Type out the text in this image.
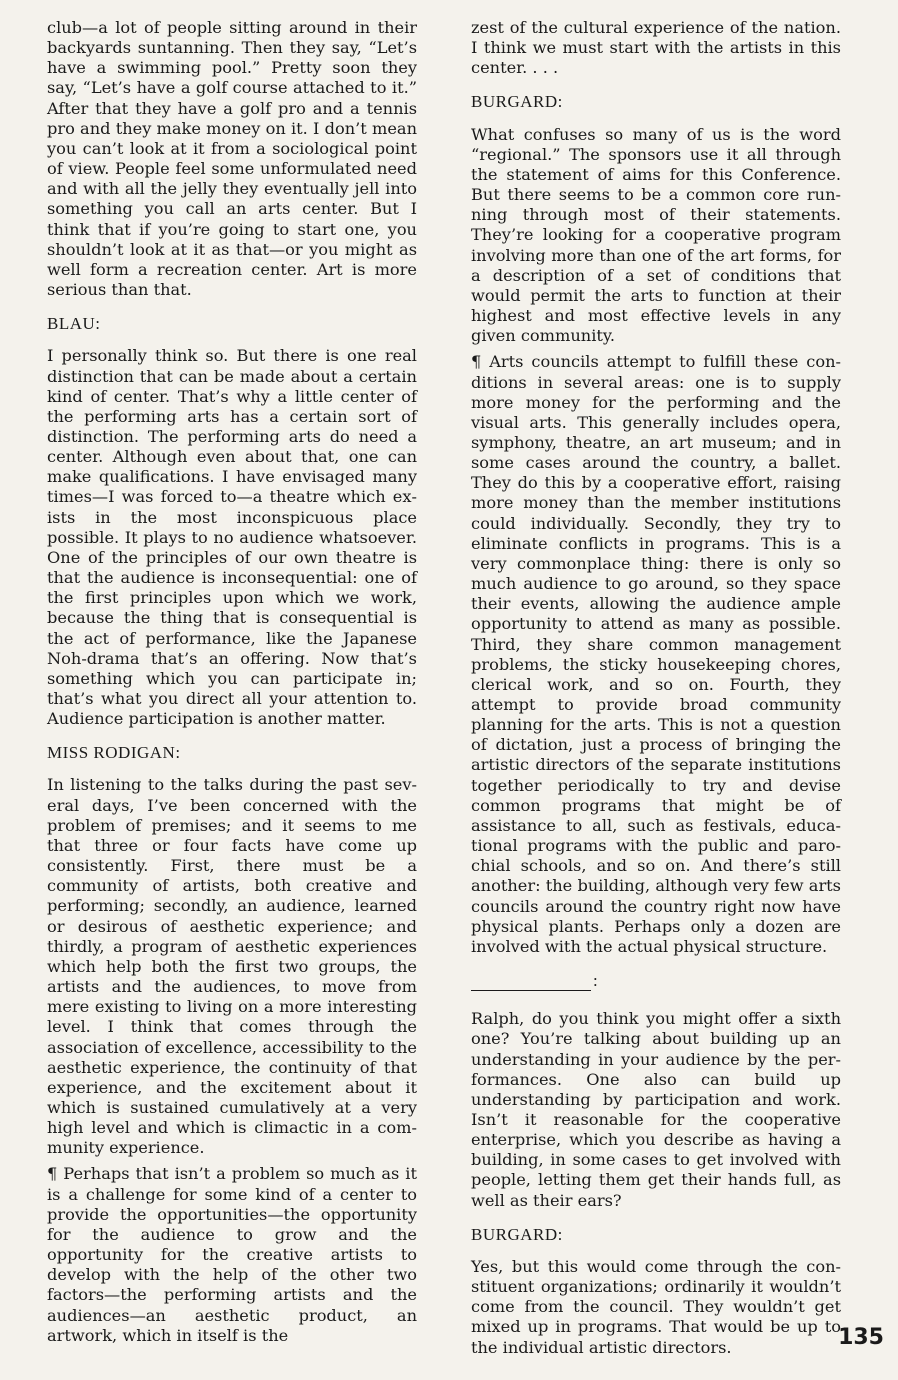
club—a lot of people sitting around in their backyards suntanning. Then they say, “Let’s have a swimming pool.” Pretty soon they say, “Let’s have a golf course attached to it.” After that they have a golf pro and a tennis pro and they make money on it. I don’t mean you can’t look at it from a sociological point of view. People feel some unformulated need and with all the jelly they eventually jell into something you call an arts center. But I think that if you’re going to start one, you shouldn’t look at it as that—or you might as well form a recreation center. Art is more serious than that.

BLAU:

I personally think so. But there is one real distinction that can be made about a certain kind of center. That’s why a little center of the performing arts has a certain sort of distinction. The performing arts do need a center. Although even about that, one can make qualifications. I have envisaged many times—I was forced to—a theatre which exists in the most inconspicuous place possible. It plays to no audience whatsoever. One of the principles of our own theatre is that the audience is inconsequential: one of the first principles upon which we work, because the thing that is consequential is the act of performance, like the Japanese Noh-drama that’s an offering. Now that’s something which you can participate in; that’s what you direct all your attention to. Audience participation is another matter.

MISS RODIGAN:

In listening to the talks during the past several days, I’ve been concerned with the problem of premises; and it seems to me that three or four facts have come up consistently. First, there must be a community of artists, both creative and performing; secondly, an audience, learned or desirous of aesthetic experience; and thirdly, a program of aesthetic experiences which help both the first two groups, the artists and the audiences, to move from mere existing to living on a more interesting level. I think that comes through the association of excellence, accessibility to the aesthetic experience, the continuity of that experience, and the excitement about it which is sustained cumulatively at a very high level and which is climactic in a community experience.

¶ Perhaps that isn’t a problem so much as it is a challenge for some kind of a center to provide the opportunities—the opportunity for the audience to grow and the opportunity for the creative artists to develop with the help of the other two factors—the performing artists and the audiences—an aesthetic product, an artwork, which in itself is the

zest of the cultural experience of the nation. I think we must start with the artists in this center. . . .

BURGARD:

What confuses so many of us is the word “regional.” The sponsors use it all through the statement of aims for this Conference. But there seems to be a common core running through most of their statements. They’re looking for a cooperative program involving more than one of the art forms, for a description of a set of conditions that would permit the arts to function at their highest and most effective levels in any given community.

¶ Arts councils attempt to fulfill these conditions in several areas: one is to supply more money for the performing and the visual arts. This generally includes opera, symphony, theatre, an art museum; and in some cases around the country, a ballet. They do this by a cooperative effort, raising more money than the member institutions could individually. Secondly, they try to eliminate conflicts in programs. This is a very commonplace thing: there is only so much audience to go around, so they space their events, allowing the audience ample opportunity to attend as many as possible. Third, they share common management problems, the sticky housekeeping chores, clerical work, and so on. Fourth, they attempt to provide broad community planning for the arts. This is not a question of dictation, just a process of bringing the artistic directors of the separate institutions together periodically to try and devise common programs that might be of assistance to all, such as festivals, educational programs with the public and parochial schools, and so on. And there’s still another: the building, although very few arts councils around the country right now have physical plants. Perhaps only a dozen are involved with the actual physical structure.

:

Ralph, do you think you might offer a sixth one? You’re talking about building up an understanding in your audience by the performances. One also can build up understanding by participation and work. Isn’t it reasonable for the cooperative enterprise, which you describe as having a building, in some cases to get involved with people, letting them get their hands full, as well as their ears?

BURGARD:

Yes, but this would come through the constituent organizations; ordinarily it wouldn’t come from the council. They wouldn’t get mixed up in programs. That would be up to the individual artistic directors.	135
